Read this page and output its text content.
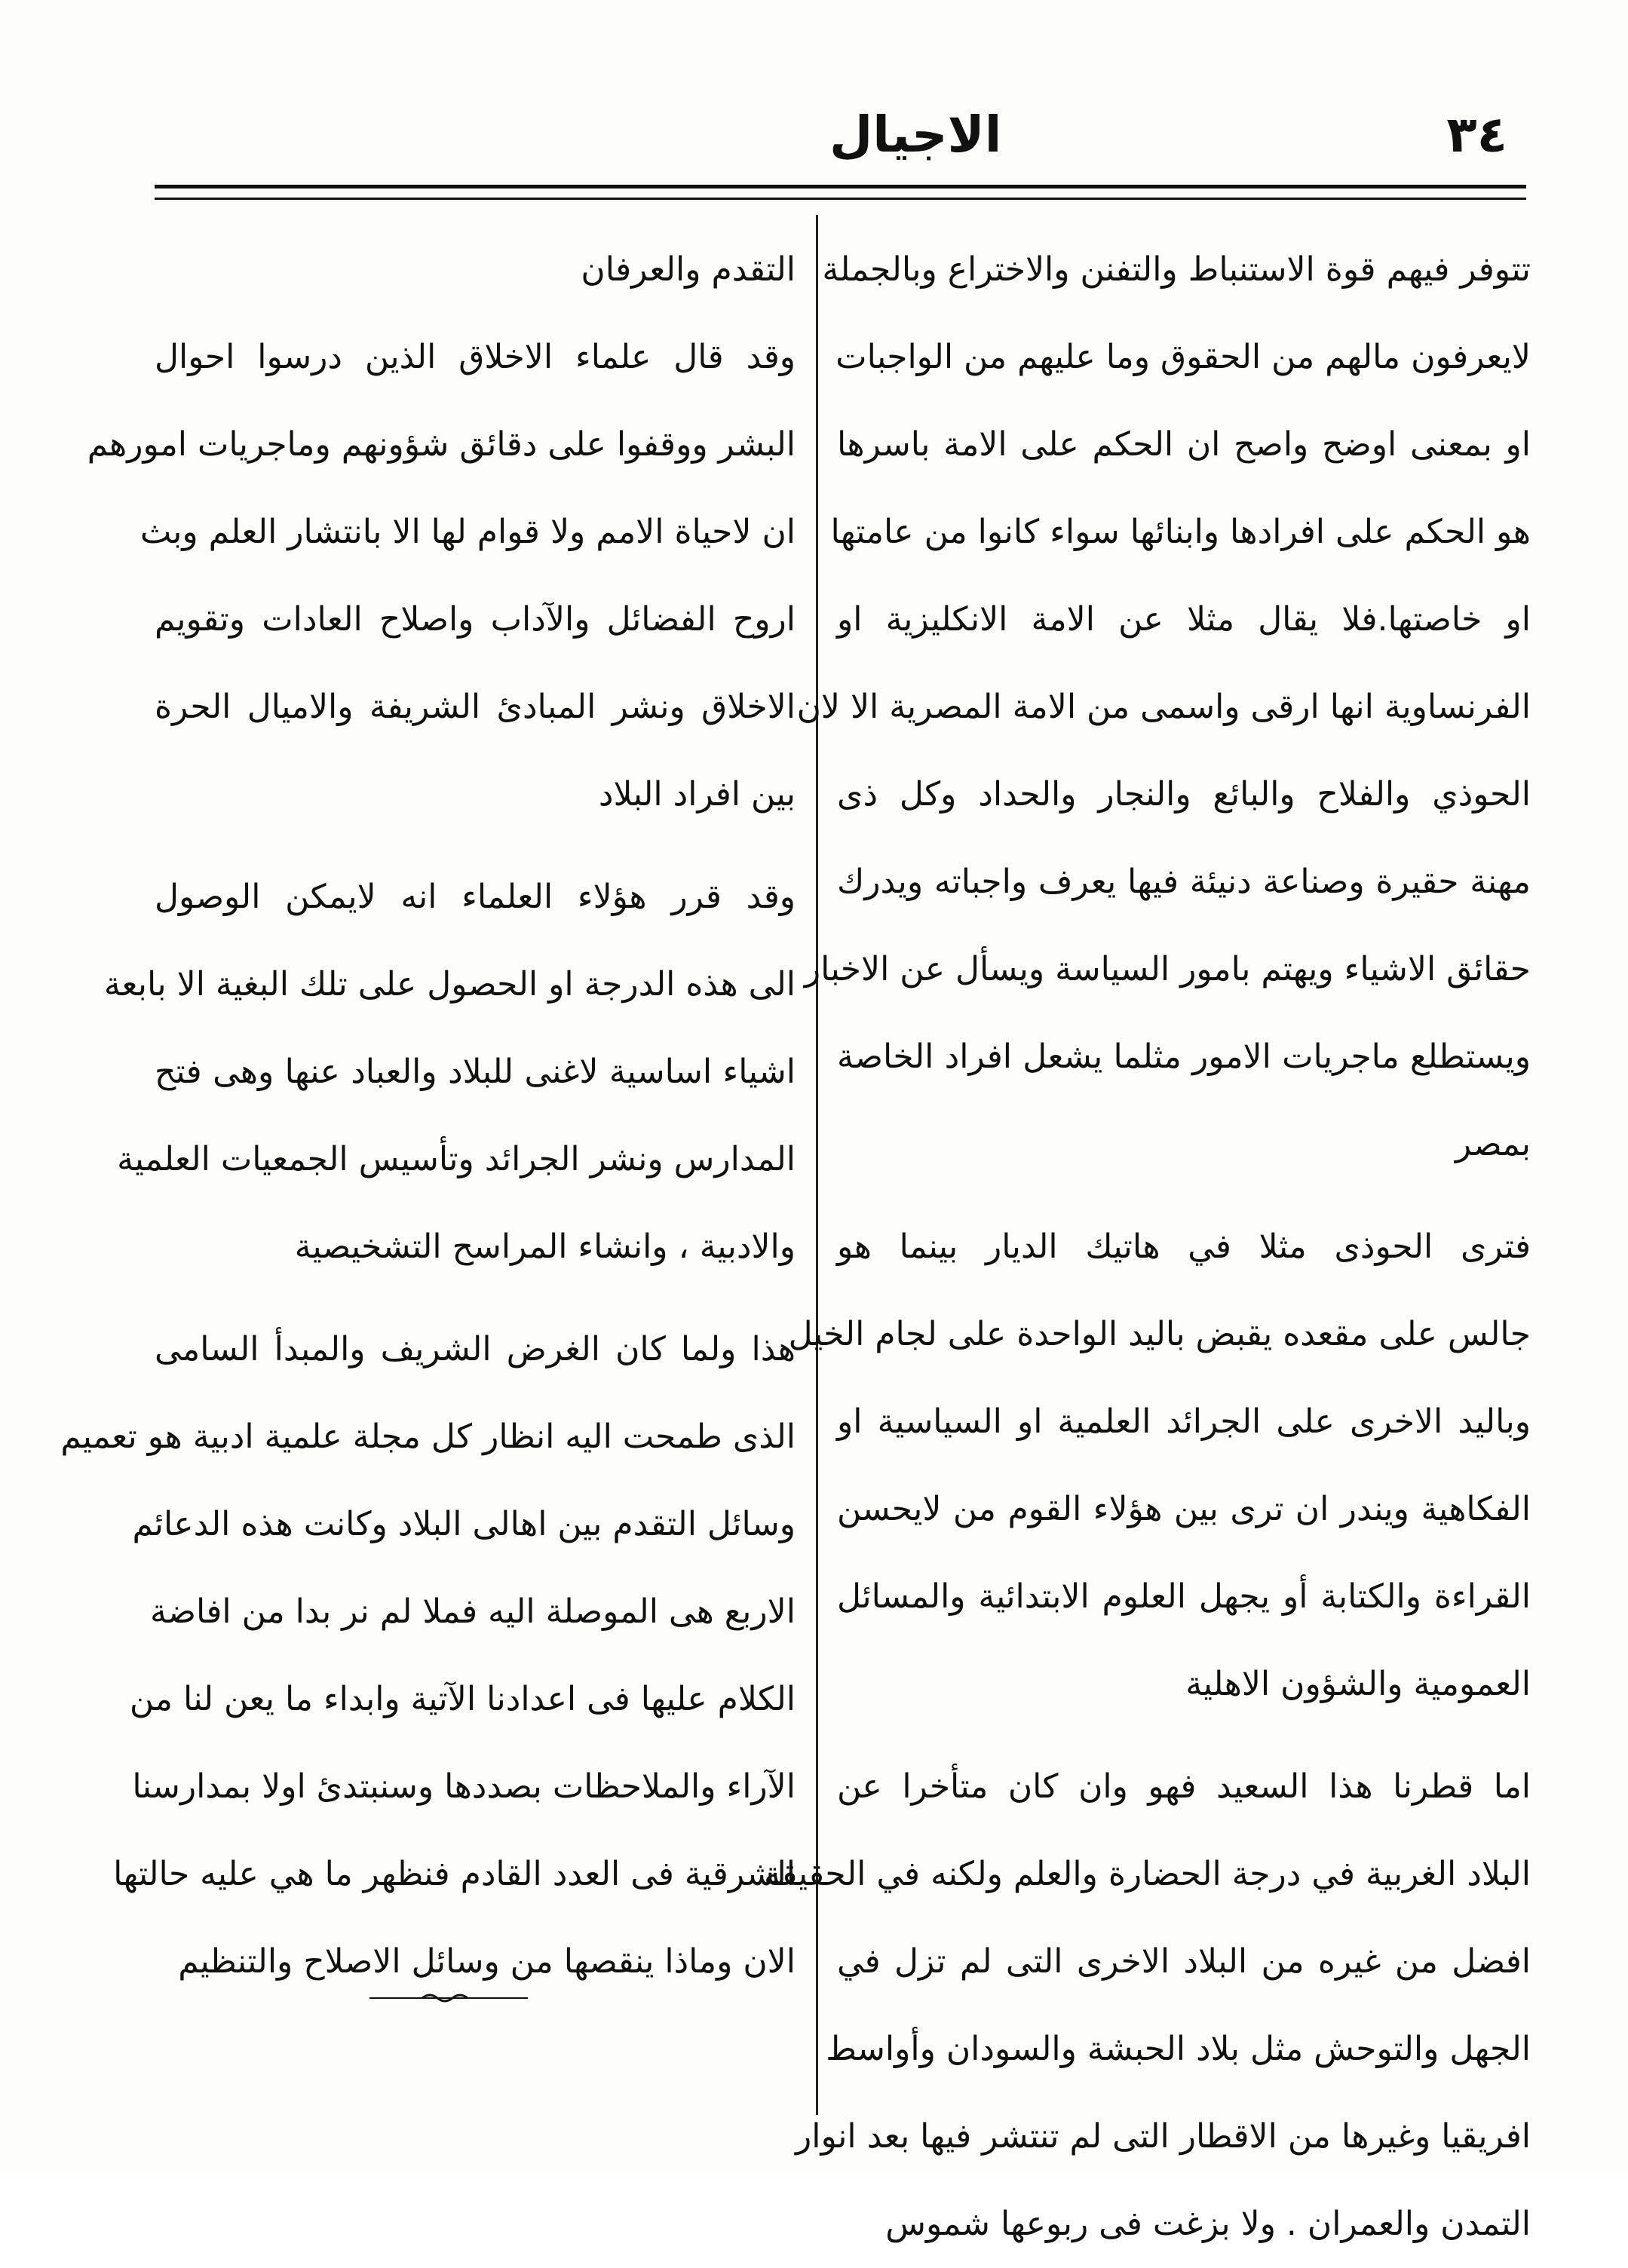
٣٤
الاجيال
تتوفر فيهم قوة الاستنباط والتفنن والاختراع وبالجملة
لايعرفون مالهم من الحقوق وما عليهم من الواجبات
او بمعنى اوضح واصح ان الحكم على الامة باسرها
هو الحكم على افرادها وابنائها سواء كانوا من عامتها
او خاصتها.فلا يقال مثلا عن الامة الانكليزية او
الفرنساوية انها ارقى واسمى من الامة المصرية الا لان
الحوذي والفلاح والبائع والنجار والحداد وكل ذى
مهنة حقيرة وصناعة دنيئة فيها يعرف واجباته ويدرك
حقائق الاشياء ويهتم بامور السياسة ويسأل عن الاخبار
ويستطلع ماجريات الامور مثلما يشعل افراد الخاصة
بمصر
فترى الحوذى مثلا في هاتيك الديار بينما هو
جالس على مقعده يقبض باليد الواحدة على لجام الخيل
وباليد الاخرى على الجرائد العلمية او السياسية او
الفكاهية ويندر ان ترى بين هؤلاء القوم من لايحسن
القراءة والكتابة أو يجهل العلوم الابتدائية والمسائل
العمومية والشؤون الاهلية
اما قطرنا هذا السعيد فهو وان كان متأخرا عن
البلاد الغربية في درجة الحضارة والعلم ولكنه في الحقيقة
افضل من غيره من البلاد الاخرى التى لم تزل في
الجهل والتوحش مثل بلاد الحبشة والسودان وأواسط
افريقيا وغيرها من الاقطار التى لم تنتشر فيها بعد انوار
التمدن والعمران . ولا بزغت فى ربوعها شموس
التقدم والعرفان
وقد قال علماء الاخلاق الذين درسوا احوال
البشر ووقفوا على دقائق شؤونهم وماجريات امورهم
ان لاحياة الامم ولا قوام لها الا بانتشار العلم وبث
اروح الفضائل والآداب واصلاح العادات وتقويم
الاخلاق ونشر المبادئ الشريفة والاميال الحرة
بين افراد البلاد
وقد قرر هؤلاء العلماء انه لايمكن الوصول
الى هذه الدرجة او الحصول على تلك البغية الا بابعة
اشياء اساسية لاغنى للبلاد والعباد عنها وهى فتح
المدارس ونشر الجرائد وتأسيس الجمعيات العلمية
والادبية ، وانشاء المراسح التشخيصية
هذا ولما كان الغرض الشريف والمبدأ السامى
الذى طمحت اليه انظار كل مجلة علمية ادبية هو تعميم
وسائل التقدم بين اهالى البلاد وكانت هذه الدعائم
الاربع هى الموصلة اليه فملا لم نر بدا من افاضة
الكلام عليها فى اعدادنا الآتية وابداء ما يعن لنا من
الآراء والملاحظات بصددها وسنبتدئ اولا بمدارسنا
الشرقية فى العدد القادم فنظهر ما هي عليه حالتها
الان وماذا ينقصها من وسائل الاصلاح والتنظيم
